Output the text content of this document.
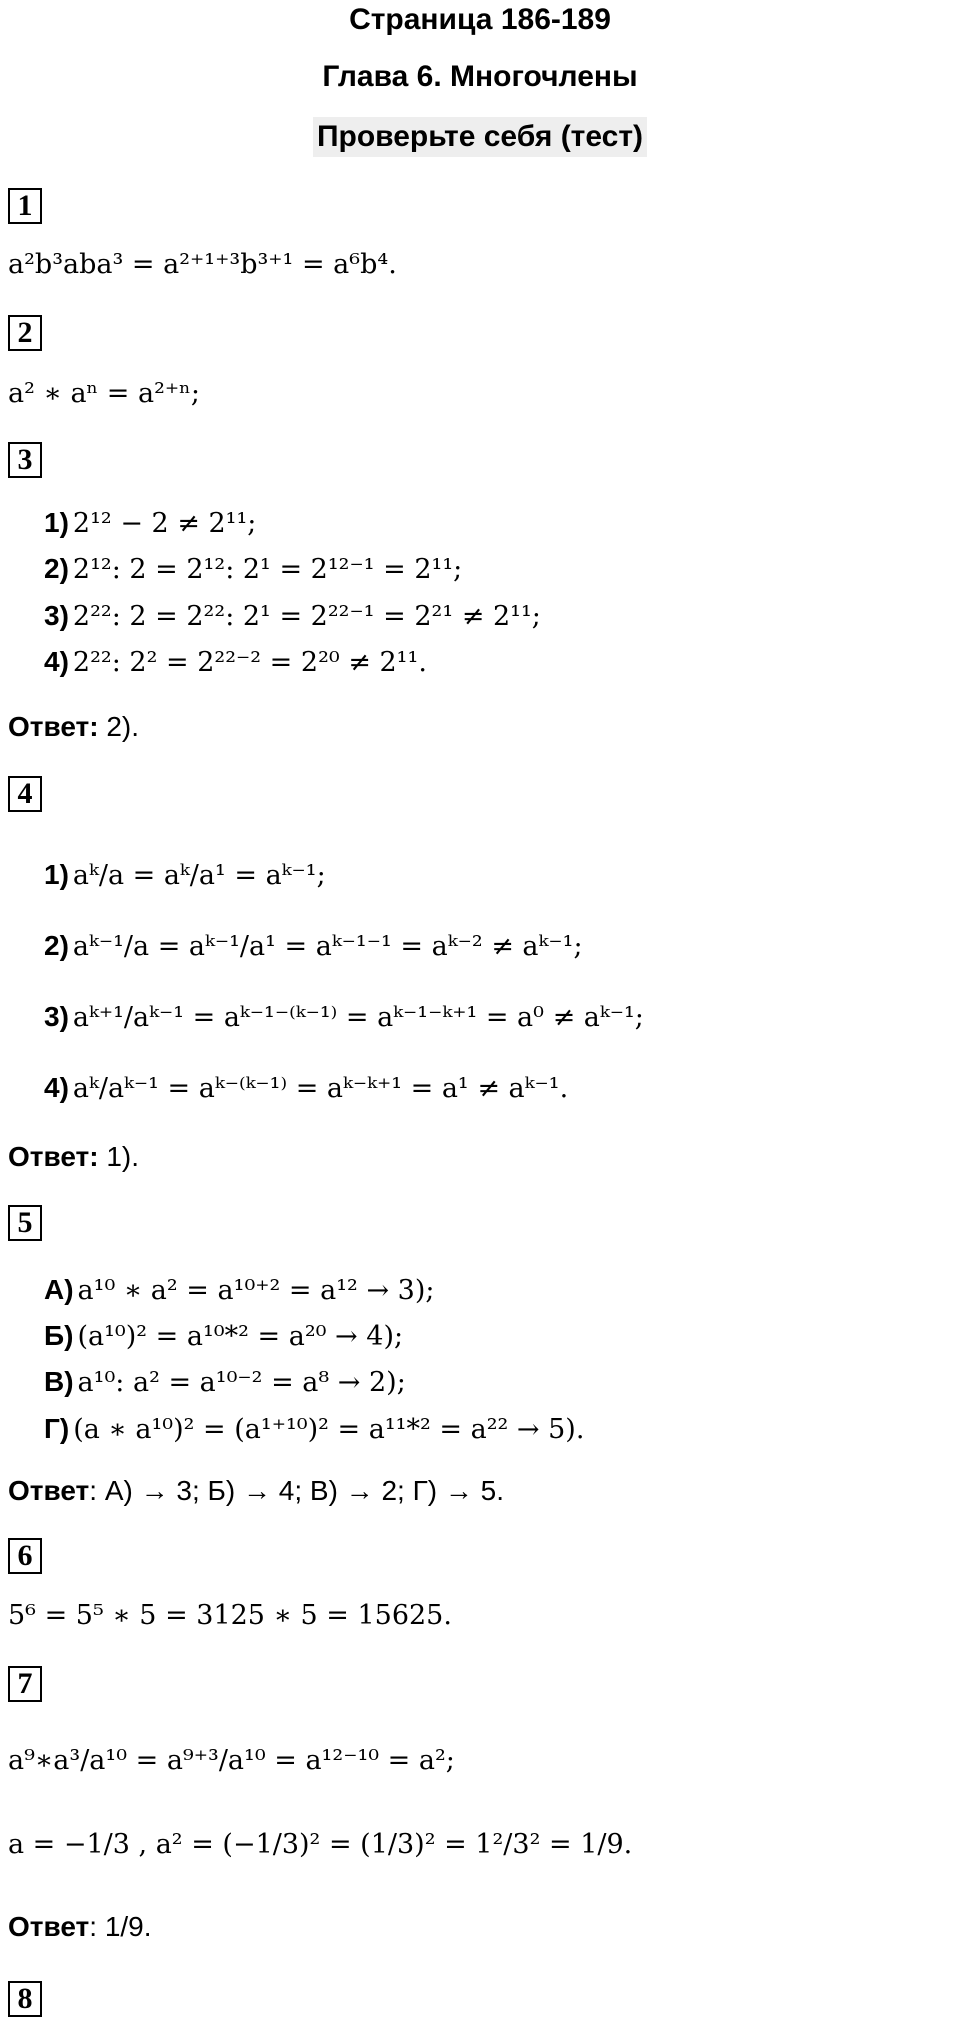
Страница 186-189
Глава 6. Многочлены
Проверьте себя (тест)
1
a²b³aba³ = a²⁺¹⁺³b³⁺¹ = a⁶b⁴.
2
a² ∗ aⁿ = a²⁺ⁿ;
3
1) 2¹² − 2 ≠ 2¹¹;
2) 2¹²: 2 = 2¹²: 2¹ = 2¹²⁻¹ = 2¹¹;
3) 2²²: 2 = 2²²: 2¹ = 2²²⁻¹ = 2²¹ ≠ 2¹¹;
4) 2²²: 2² = 2²²⁻² = 2²⁰ ≠ 2¹¹.
Ответ: 2).
4
1) aᵏ/a = aᵏ/a¹ = aᵏ⁻¹;
2) aᵏ⁻¹/a = aᵏ⁻¹/a¹ = aᵏ⁻¹⁻¹ = aᵏ⁻² ≠ aᵏ⁻¹;
3) aᵏ⁺¹/aᵏ⁻¹ = aᵏ⁻¹⁻⁽ᵏ⁻¹⁾ = aᵏ⁻¹⁻ᵏ⁺¹ = a⁰ ≠ aᵏ⁻¹;
4) aᵏ/aᵏ⁻¹ = aᵏ⁻⁽ᵏ⁻¹⁾ = aᵏ⁻ᵏ⁺¹ = a¹ ≠ aᵏ⁻¹.
Ответ: 1).
5
А) a¹⁰ ∗ a² = a¹⁰⁺² = a¹² → 3);
Б) (a¹⁰)² = a¹⁰*² = a²⁰ → 4);
В) a¹⁰: a² = a¹⁰⁻² = a⁸ → 2);
Г) (a ∗ a¹⁰)² = (a¹⁺¹⁰)² = a¹¹*² = a²² → 5).
Ответ: А) → 3; Б) → 4; В) → 2; Г) → 5.
6
5⁶ = 5⁵ ∗ 5 = 3125 ∗ 5 = 15625.
7
a⁹∗a³/a¹⁰ = a⁹⁺³/a¹⁰ = a¹²⁻¹⁰ = a²;
a = −1/3 , a² = (−1/3)² = (1/3)² = 1²/3² = 1/9.
Ответ: 1/9.
8
